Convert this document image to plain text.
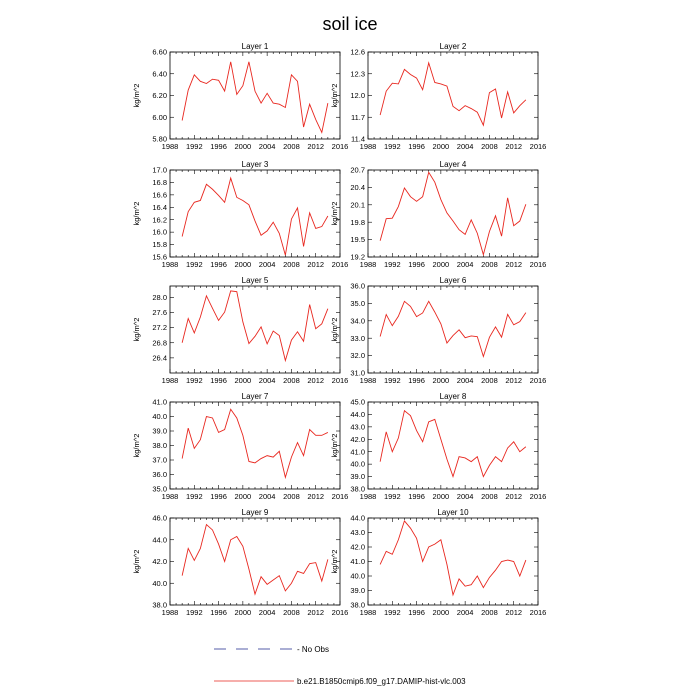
soil ice
Layer 1
1988 1992 1996 2000 2004 2008 2012 2016
5.80
6.00
6.20
6.40
6.60
kg/m^2
Layer 2
1988 1992 1996 2000 2004 2008 2012 2016
11.4
11.7
12.0
12.3
12.6
kg/m^2
Layer 3
1988 1992 1996 2000 2004 2008 2012 2016
15.6
15.8
16.0
16.2
16.4
16.6
16.8
17.0
kg/m^2
Layer 4
1988 1992 1996 2000 2004 2008 2012 2016
19.2
19.5
19.8
20.1
20.4
20.7
kg/m^2
Layer 5
1988 1992 1996 2000 2004 2008 2012 2016
26.4
26.8
27.2
27.6
28.0
kg/m^2
Layer 6
1988 1992 1996 2000 2004 2008 2012 2016
31.0
32.0
33.0
34.0
35.0
36.0
kg/m^2
Layer 7
1988 1992 1996 2000 2004 2008 2012 2016
35.0
36.0
37.0
38.0
39.0
40.0
41.0
kg/m^2
Layer 8
1988 1992 1996 2000 2004 2008 2012 2016
38.0
39.0
40.0
41.0
42.0
43.0
44.0
45.0
kg/m^2
Layer 9
1988 1992 1996 2000 2004 2008 2012 2016
38.0
40.0
42.0
44.0
46.0
kg/m^2
Layer 10
1988 1992 1996 2000 2004 2008 2012 2016
38.0
39.0
40.0
41.0
42.0
43.0
44.0
kg/m^2
- No Obs
b.e21.B1850cmip6.f09_g17.DAMIP-hist-vlc.003
